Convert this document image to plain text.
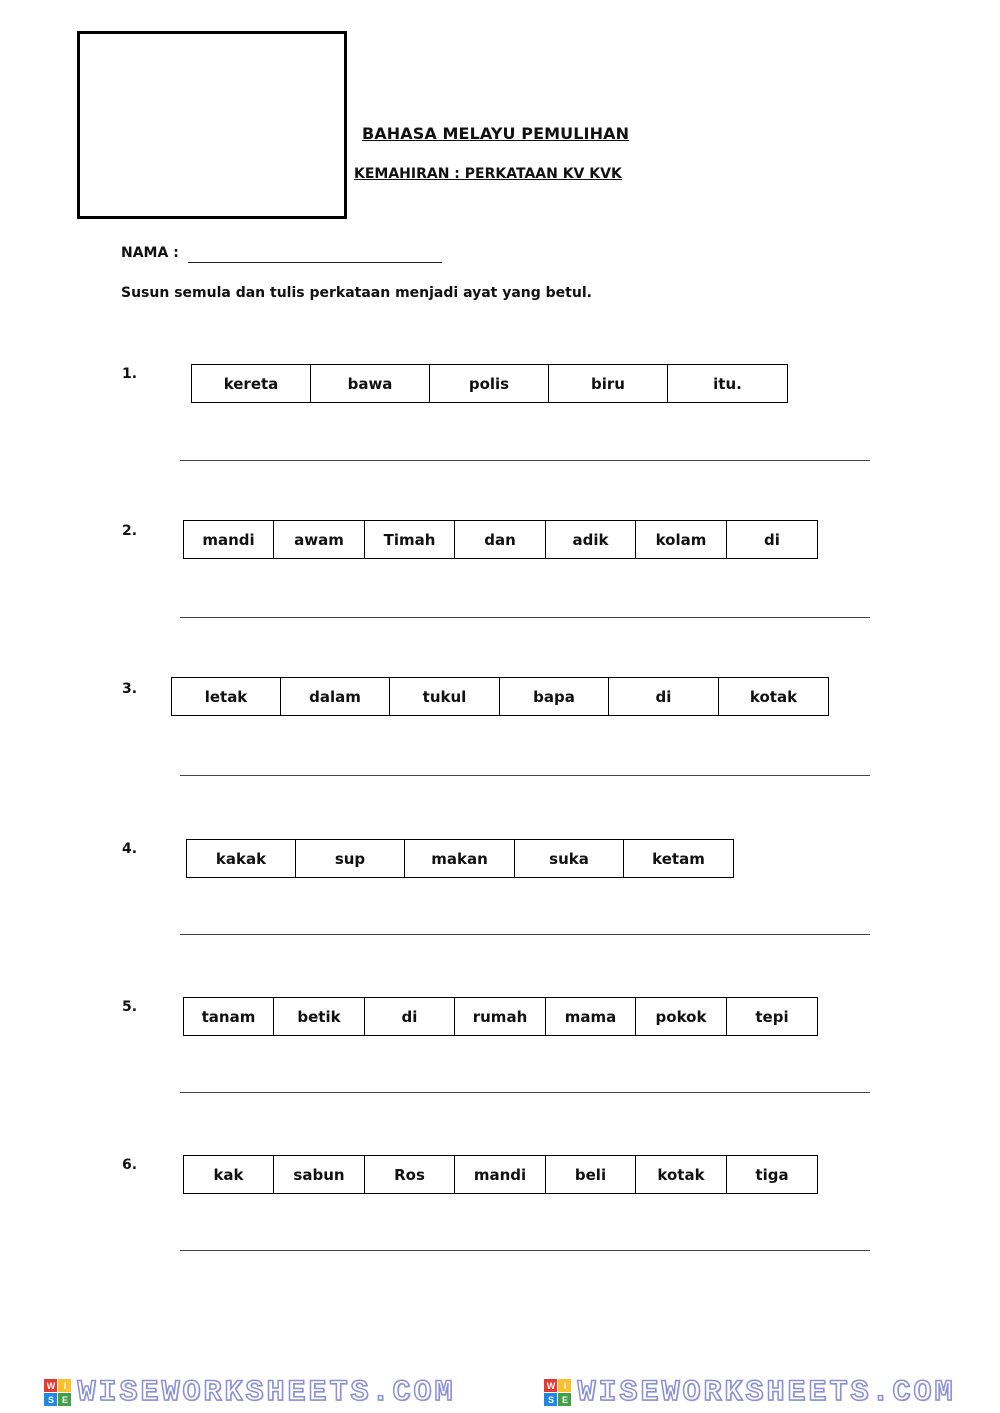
BAHASA MELAYU PEMULIHAN
KEMAHIRAN : PERKATAAN KV KVK
NAMA :
Susun semula dan tulis perkataan menjadi ayat yang betul.
1.
kereta	bawa	polis	biru	itu.
2.	mandi	awam	Timah	dan	adik	kolam	di
3.	letak	dalam	tukul	bapa	di	kotak
4.
kakak	sup	makan	suka	ketam
5.
tanam	betik	di	rumah	mama	pokok	tepi
6.
kak	sabun	Ros	mandi	beli	kotak	tiga
W I
S E WISEWORKSHEETS.COM	W I
S E WISEWORKSHEETS.COM
